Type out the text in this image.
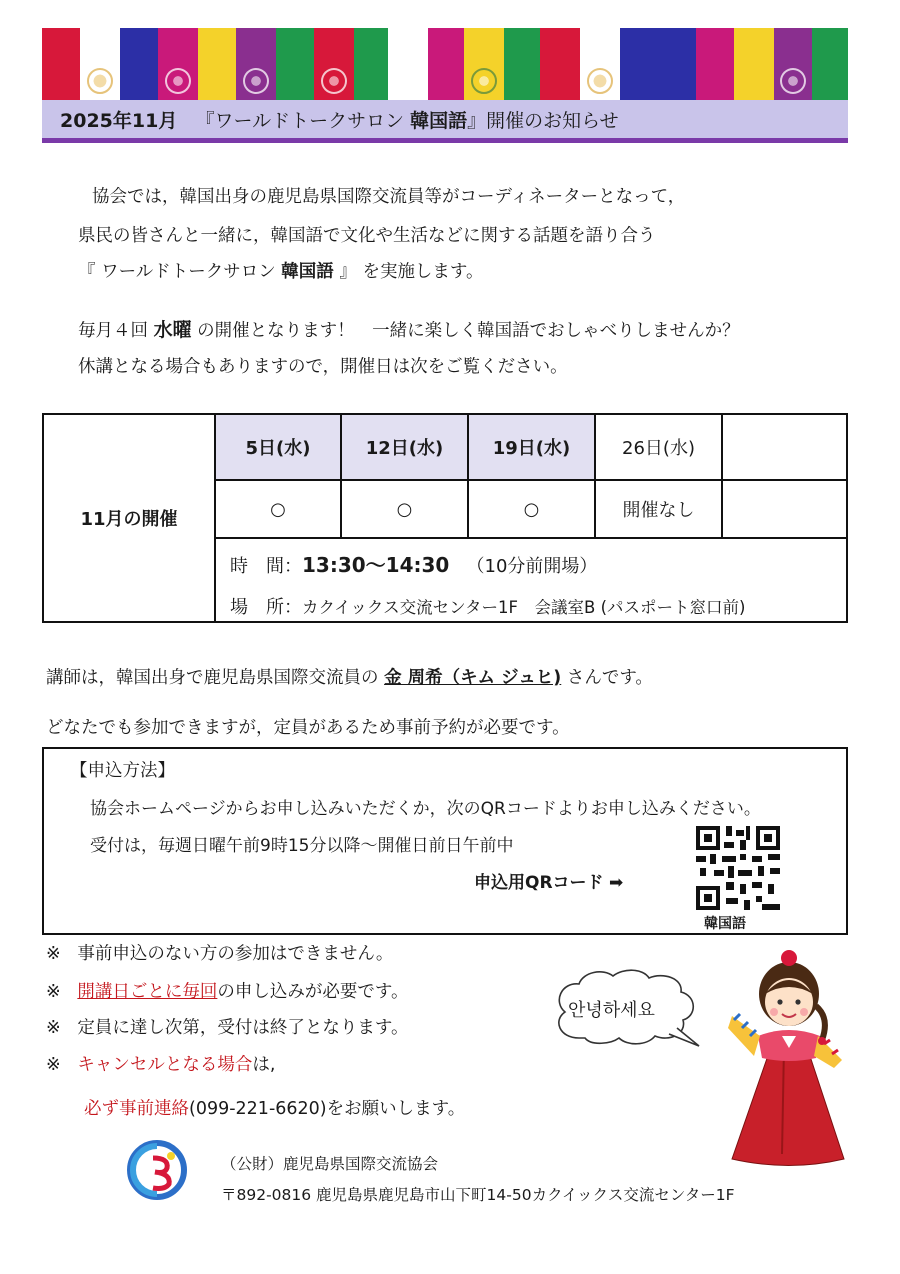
2025年11月 『ワールドトークサロン 韓国語』開催のお知らせ
協会では，韓国出身の鹿児島県国際交流員等がコーディネーターとなって，
県民の皆さんと一緒に，韓国語で文化や生活などに関する話題を語り合う
『 ワールドトークサロン 韓国語 』 を実施します。
毎月４回 水曜 の開催となります！　一緒に楽しく韓国語でおしゃべりしませんか？
休講となる場合もありますので，開催日は次をご覧ください。
11月の開催
5日(水)	12日(水)	19日(水)	26日(水)
○	○	○	開催なし
時　間：13:30〜14:30 （10分前開場）
場　所：カクイックス交流センター1F　会議室B (パスポート窓口前)
講師は，韓国出身で鹿児島県国際交流員の 金 周希（キム ジュヒ) さんです。
どなたでも参加できますが，定員があるため事前予約が必要です。
【申込方法】
協会ホームページからお申し込みいただくか，次のQRコードよりお申し込みください。
受付は，毎週日曜午前9時15分以降〜開催日前日午前中
申込用QRコード ➡
韓国語
※ 事前申込のない方の参加はできません。
※ 開講日ごとに毎回の申し込みが必要です。
※ 定員に達し次第，受付は終了となります。
※ キャンセルとなる場合は,
必ず事前連絡(099-221-6620)をお願いします。
안녕하세요
（公財）鹿児島県国際交流協会
〒892-0816 鹿児島県鹿児島市山下町14-50カクイックス交流センター1F
